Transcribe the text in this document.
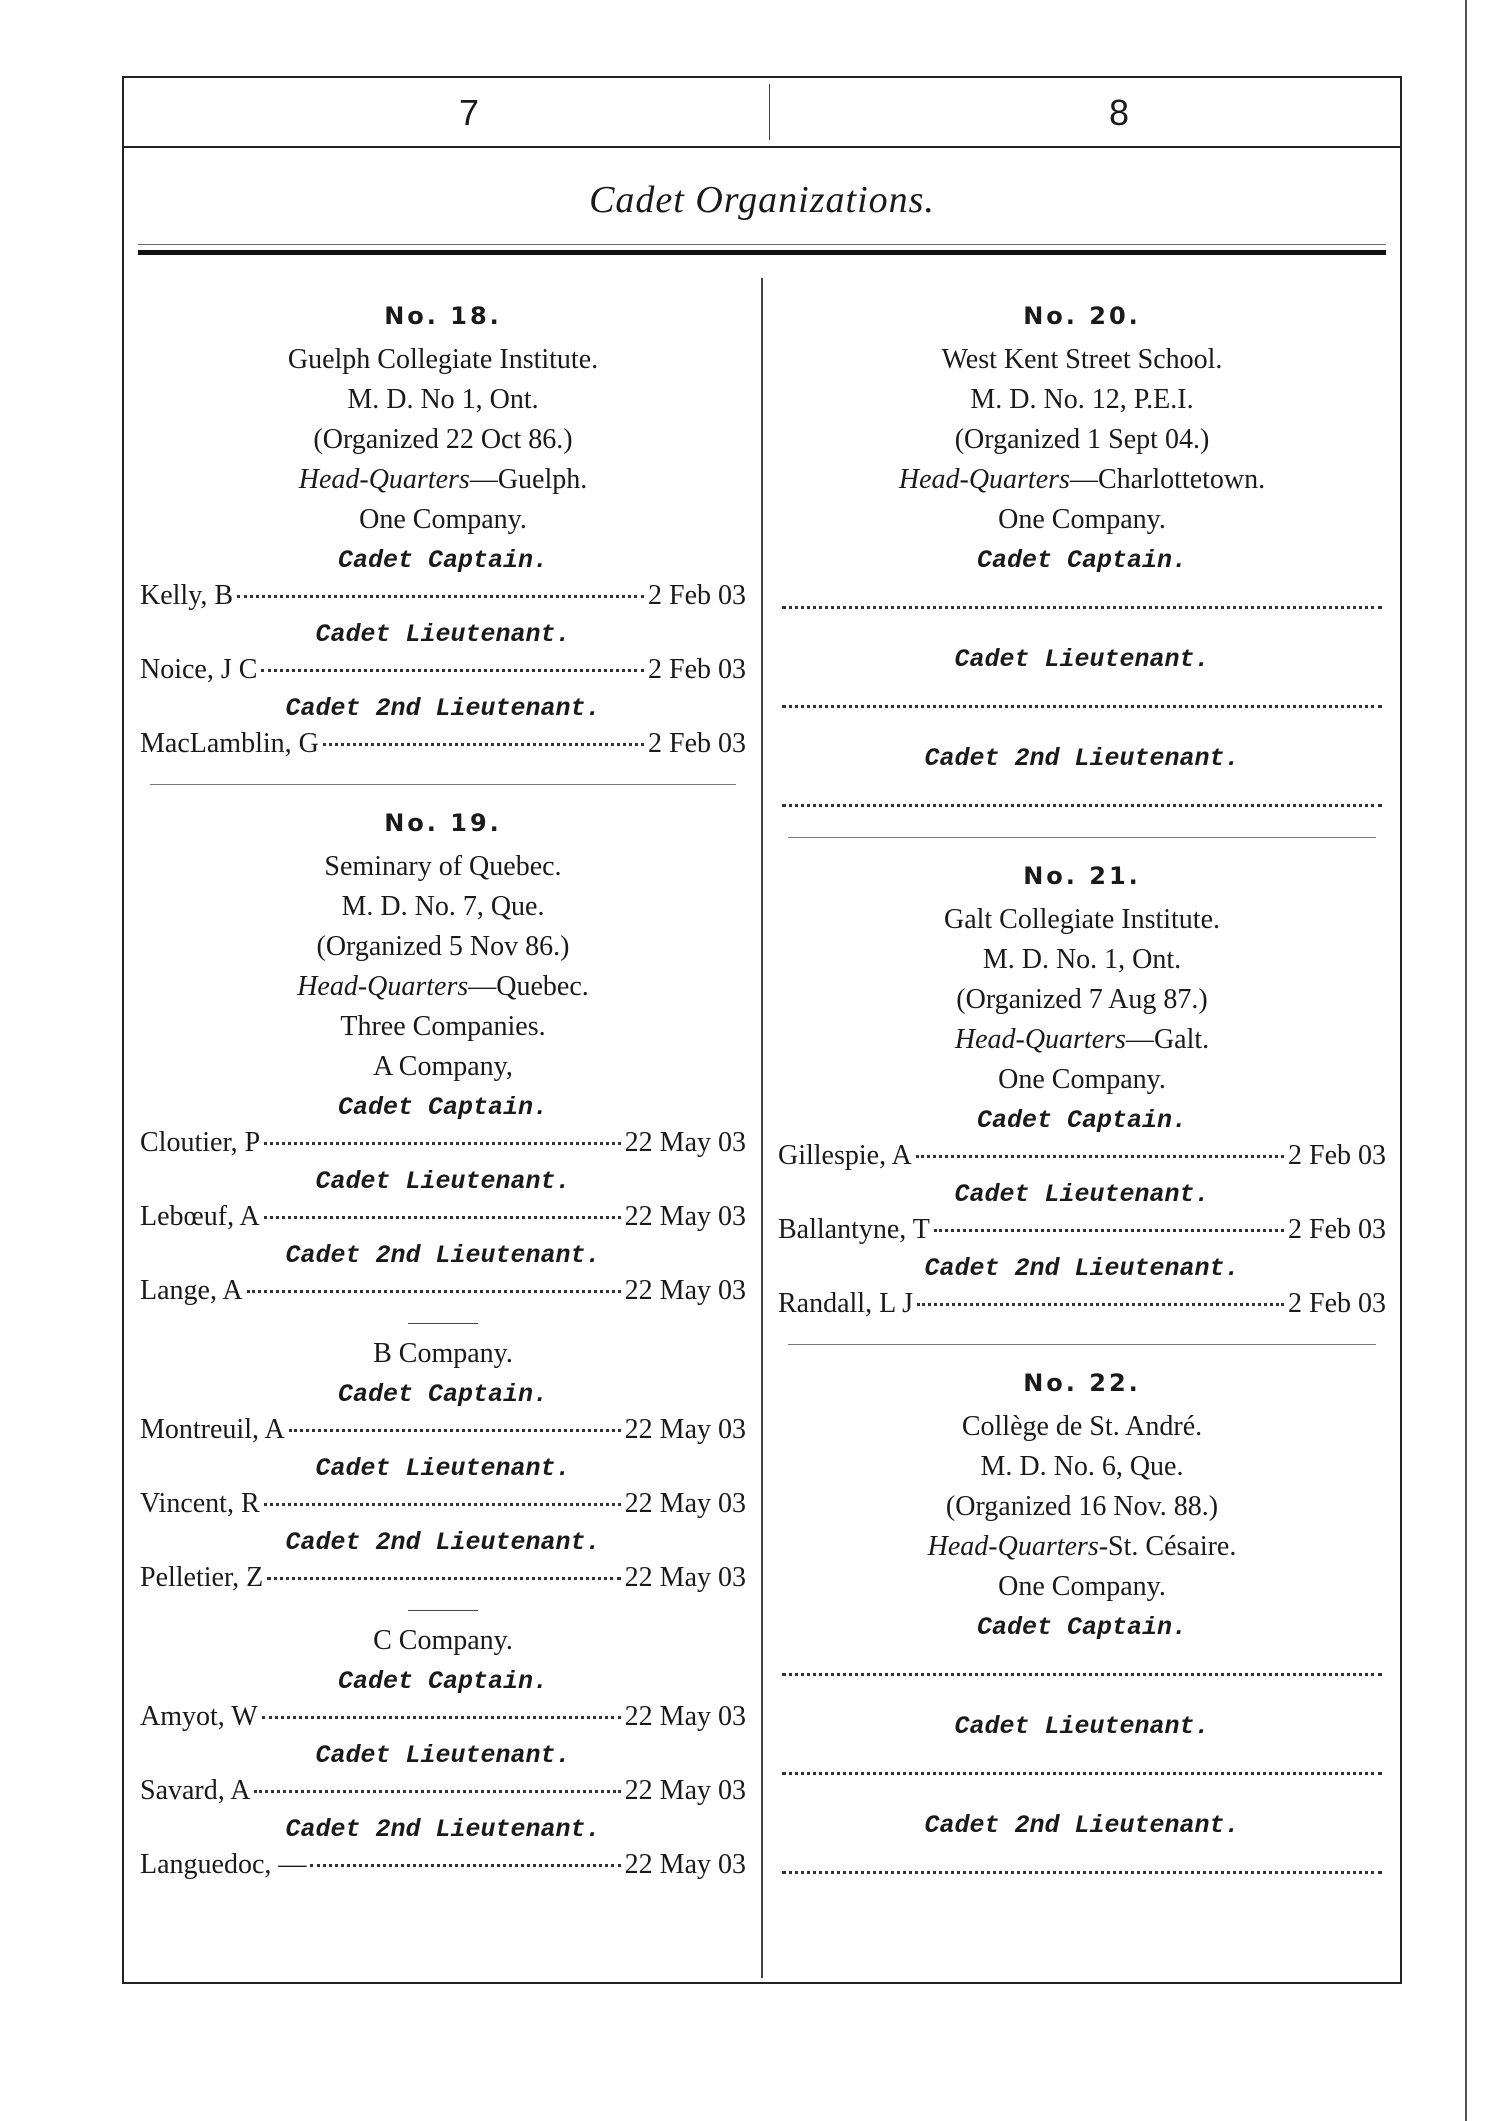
7	8
Cadet Organizations.
No. 18.
Guelph Collegiate Institute.
M. D. No 1, Ont.
(Organized 22 Oct 86.)
Head-Quarters—Guelph.
One Company.
Cadet Captain.
Kelly, B	2 Feb 03
Cadet Lieutenant.
Noice, J C	2 Feb 03
Cadet 2nd Lieutenant.
MacLamblin, G	2 Feb 03
No. 19.
Seminary of Quebec.
M. D. No. 7, Que.
(Organized 5 Nov 86.)
Head-Quarters—Quebec.
Three Companies.
A Company,
Cadet Captain.
Cloutier, P	22 May 03
Cadet Lieutenant.
Lebœuf, A	22 May 03
Cadet 2nd Lieutenant.
Lange, A	22 May 03
B Company.
Cadet Captain.
Montreuil, A	22 May 03
Cadet Lieutenant.
Vincent, R	22 May 03
Cadet 2nd Lieutenant.
Pelletier, Z	22 May 03
C Company.
Cadet Captain.
Amyot, W	22 May 03
Cadet Lieutenant.
Savard, A	22 May 03
Cadet 2nd Lieutenant.
Languedoc, —	22 May 03
No. 20.
West Kent Street School.
M. D. No. 12, P.E.I.
(Organized 1 Sept 04.)
Head-Quarters—Charlottetown.
One Company.
Cadet Captain.
Cadet Lieutenant.
Cadet 2nd Lieutenant.
No. 21.
Galt Collegiate Institute.
M. D. No. 1, Ont.
(Organized 7 Aug 87.)
Head-Quarters—Galt.
One Company.
Cadet Captain.
Gillespie, A	2 Feb 03
Cadet Lieutenant.
Ballantyne, T	2 Feb 03
Cadet 2nd Lieutenant.
Randall, L J	2 Feb 03
No. 22.
Collège de St. André.
M. D. No. 6, Que.
(Organized 16 Nov. 88.)
Head-Quarters-St. Césaire.
One Company.
Cadet Captain.
Cadet Lieutenant.
Cadet 2nd Lieutenant.
